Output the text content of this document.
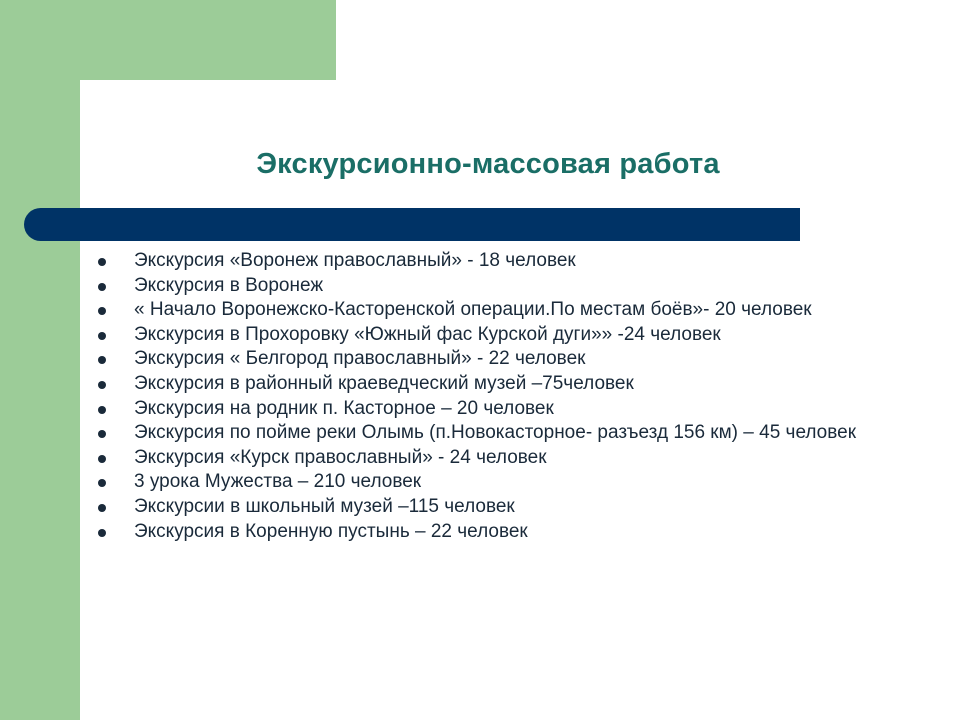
Экскурсионно-массовая работа
Экскурсия «Воронеж православный» - 18 человек
Экскурсия в Воронеж
« Начало Воронежско-Касторенской операции.По местам боёв»- 20 человек
Экскурсия в Прохоровку «Южный фас Курской дуги»» -24 человек
Экскурсия « Белгород православный» - 22 человек
Экскурсия в районный краеведческий музей –75человек
Экскурсия на родник п. Касторное – 20 человек
Экскурсия по пойме реки Олымь (п.Новокасторное- разъезд 156 км) – 45 человек
Экскурсия «Курск православный» - 24 человек
3 урока Мужества – 210 человек
Экскурсии в школьный музей –115 человек
Экскурсия в Коренную пустынь – 22 человек
